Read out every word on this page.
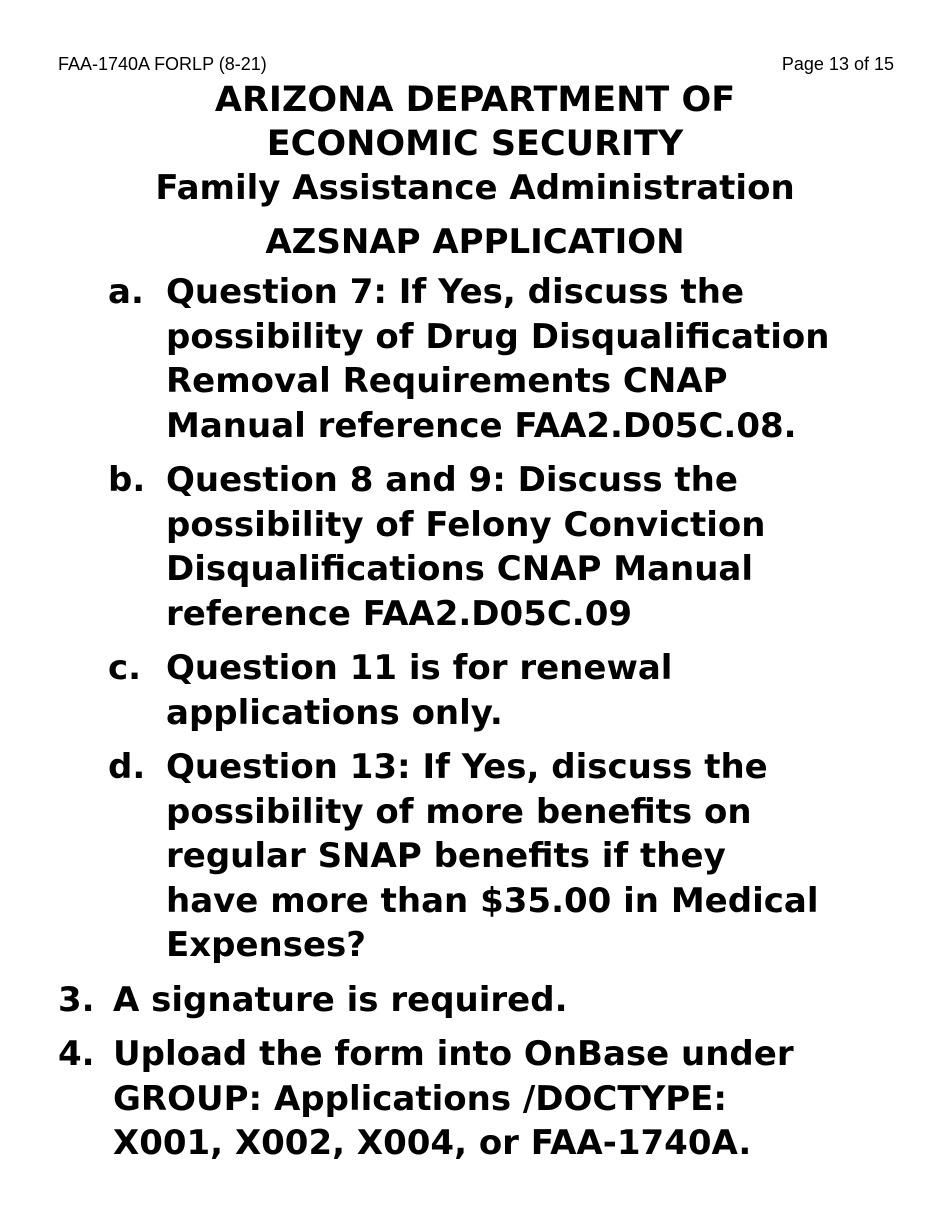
FAA-1740A FORLP (8-21)	Page 13 of 15
ARIZONA DEPARTMENT OF
ECONOMIC SECURITY
Family Assistance Administration
AZSNAP APPLICATION
a. Question 7: If Yes, discuss the
possibility of Drug Disqualification
Removal Requirements CNAP
Manual reference FAA2.D05C.08.
b. Question 8 and 9: Discuss the
possibility of Felony Conviction
Disqualifications CNAP Manual
reference FAA2.D05C.09
c. Question 11 is for renewal
applications only.
d. Question 13: If Yes, discuss the
possibility of more benefits on
regular SNAP benefits if they
have more than $35.00 in Medical
Expenses?
3. A signature is required.
4. Upload the form into OnBase under
GROUP: Applications /DOCTYPE:
X001, X002, X004, or FAA-1740A.
